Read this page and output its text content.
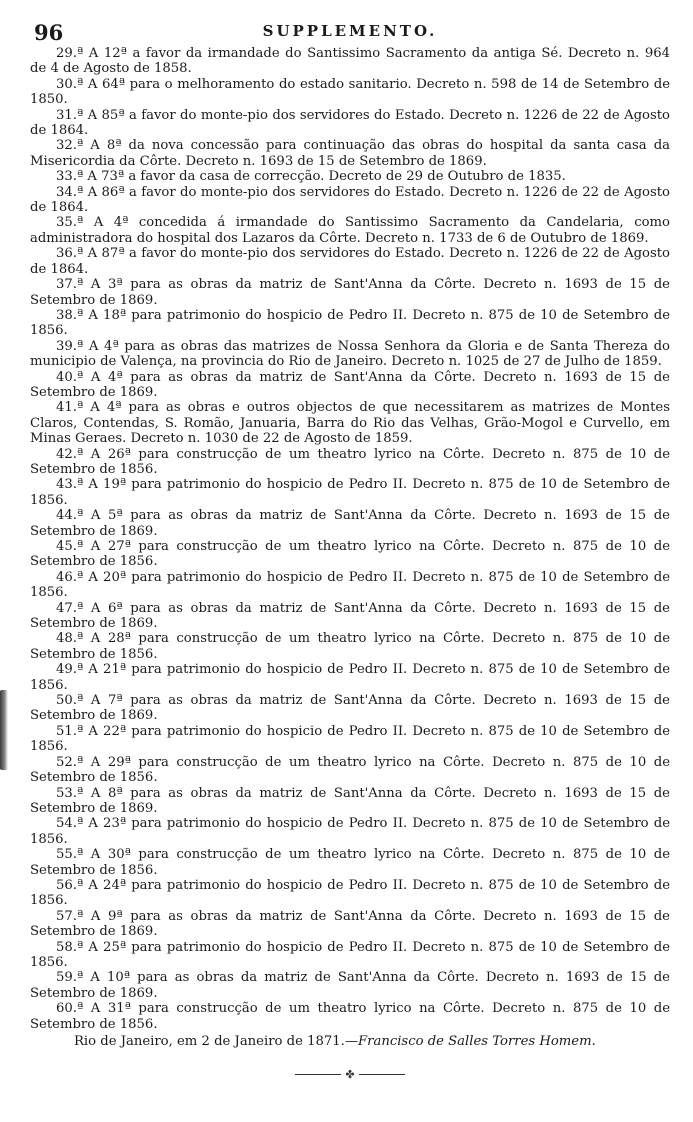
96	SUPPLEMENTO.

29.ª A 12ª a favor da irmandade do Santissimo Sacramento da antiga Sé. Decreto n. 964 de 4 de Agosto de 1858.

30.ª A 64ª para o melhoramento do estado sanitario. Decreto n. 598 de 14 de Setembro de 1850.

31.ª A 85ª a favor do monte-pio dos servidores do Estado. Decreto n. 1226 de 22 de Agosto de 1864.

32.ª A 8ª da nova concessão para continuação das obras do hospital da santa casa da Misericordia da Côrte. Decreto n. 1693 de 15 de Setembro de 1869.

33.ª A 73ª a favor da casa de correcção. Decreto de 29 de Outubro de 1835.

34.ª A 86ª a favor do monte-pio dos servidores do Estado. Decreto n. 1226 de 22 de Agosto de 1864.

35.ª A 4ª concedida á irmandade do Santissimo Sacramento da Candelaria, como administradora do hospital dos Lazaros da Côrte. Decreto n. 1733 de 6 de Outubro de 1869.

36.ª A 87ª a favor do monte-pio dos servidores do Estado. Decreto n. 1226 de 22 de Agosto de 1864.

37.ª A 3ª para as obras da matriz de Sant'Anna da Côrte. Decreto n. 1693 de 15 de Setembro de 1869.

38.ª A 18ª para patrimonio do hospicio de Pedro II. Decreto n. 875 de 10 de Setembro de 1856.

39.ª A 4ª para as obras das matrizes de Nossa Senhora da Gloria e de Santa Thereza do municipio de Valença, na provincia do Rio de Janeiro. Decreto n. 1025 de 27 de Julho de 1859.

40.ª A 4ª para as obras da matriz de Sant'Anna da Côrte. Decreto n. 1693 de 15 de Setembro de 1869.

41.ª A 4ª para as obras e outros objectos de que necessitarem as matrizes de Montes Claros, Contendas, S. Romão, Januaria, Barra do Rio das Velhas, Grão-Mogol e Curvello, em Minas Geraes. Decreto n. 1030 de 22 de Agosto de 1859.

42.ª A 26ª para construcção de um theatro lyrico na Côrte. Decreto n. 875 de 10 de Setembro de 1856.

43.ª A 19ª para patrimonio do hospicio de Pedro II. Decreto n. 875 de 10 de Setembro de 1856.

44.ª A 5ª para as obras da matriz de Sant'Anna da Côrte. Decreto n. 1693 de 15 de Setembro de 1869.

45.ª A 27ª para construcção de um theatro lyrico na Côrte. Decreto n. 875 de 10 de Setembro de 1856.

46.ª A 20ª para patrimonio do hospicio de Pedro II. Decreto n. 875 de 10 de Setembro de 1856.

47.ª A 6ª para as obras da matriz de Sant'Anna da Côrte. Decreto n. 1693 de 15 de Setembro de 1869.

48.ª A 28ª para construcção de um theatro lyrico na Côrte. Decreto n. 875 de 10 de Setembro de 1856.

49.ª A 21ª para patrimonio do hospicio de Pedro II. Decreto n. 875 de 10 de Setembro de 1856.

50.ª A 7ª para as obras da matriz de Sant'Anna da Côrte. Decreto n. 1693 de 15 de Setembro de 1869.

51.ª A 22ª para patrimonio do hospicio de Pedro II. Decreto n. 875 de 10 de Setembro de 1856.

52.ª A 29ª para construcção de um theatro lyrico na Côrte. Decreto n. 875 de 10 de Setembro de 1856.

53.ª A 8ª para as obras da matriz de Sant'Anna da Côrte. Decreto n. 1693 de 15 de Setembro de 1869.

54.ª A 23ª para patrimonio do hospicio de Pedro II. Decreto n. 875 de 10 de Setembro de 1856.

55.ª A 30ª para construcção de um theatro lyrico na Côrte. Decreto n. 875 de 10 de Setembro de 1856.

56.ª A 24ª para patrimonio do hospicio de Pedro II. Decreto n. 875 de 10 de Setembro de 1856.

57.ª A 9ª para as obras da matriz de Sant'Anna da Côrte. Decreto n. 1693 de 15 de Setembro de 1869.

58.ª A 25ª para patrimonio do hospicio de Pedro II. Decreto n. 875 de 10 de Setembro de 1856.

59.ª A 10ª para as obras da matriz de Sant'Anna da Côrte. Decreto n. 1693 de 15 de Setembro de 1869.

60.ª A 31ª para construcção de um theatro lyrico na Côrte. Decreto n. 875 de 10 de Setembro de 1856.

Rio de Janeiro, em 2 de Janeiro de 1871.—Francisco de Salles Torres Homem.

✤
